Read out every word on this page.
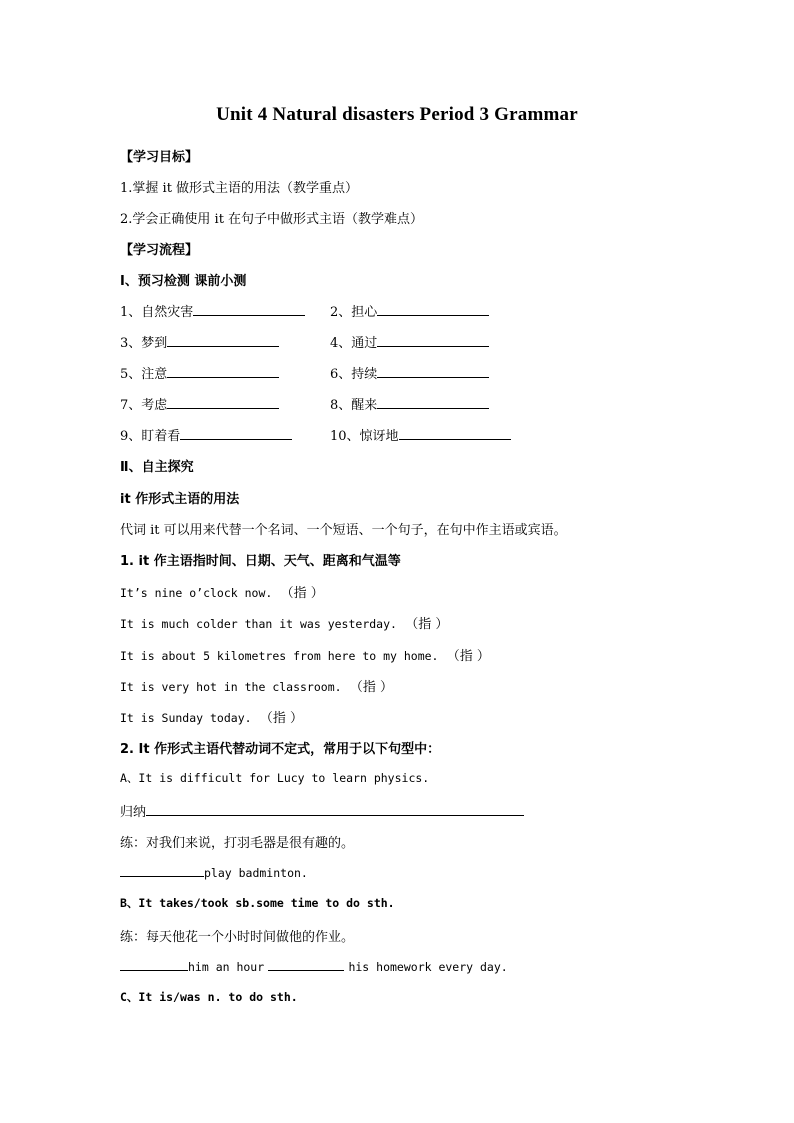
Unit 4 Natural disasters Period 3 Grammar
【学习目标】
1.掌握 it 做形式主语的用法（教学重点）
2.学会正确使用 it 在句子中做形式主语（教学难点）
【学习流程】
Ⅰ、预习检测 课前小测
1、自然灾害	2、担心
3、梦到	4、通过
5、注意	6、持续
7、考虑	8、醒来
9、盯着看	10、惊讶地
Ⅱ、自主探究
it 作形式主语的用法
代词 it 可以用来代替一个名词、一个短语、一个句子，在句中作主语或宾语。
1. it 作主语指时间、日期、天气、距离和气温等
It’s nine o’clock now. （指 ）
It is much colder than it was yesterday. （指 ）
It is about 5 kilometres from here to my home. （指 ）
It is very hot in the classroom. （指 ）
It is Sunday today. （指 ）
2. It 作形式主语代替动词不定式，常用于以下句型中：
A、It is difficult for Lucy to learn physics.
归纳
练：对我们来说，打羽毛器是很有趣的。
play badminton.
B、It takes/took sb.some time to do sth.
练：每天他花一个小时时间做他的作业。
him an hour	his homework every day.
C、It is/was n. to do sth.
